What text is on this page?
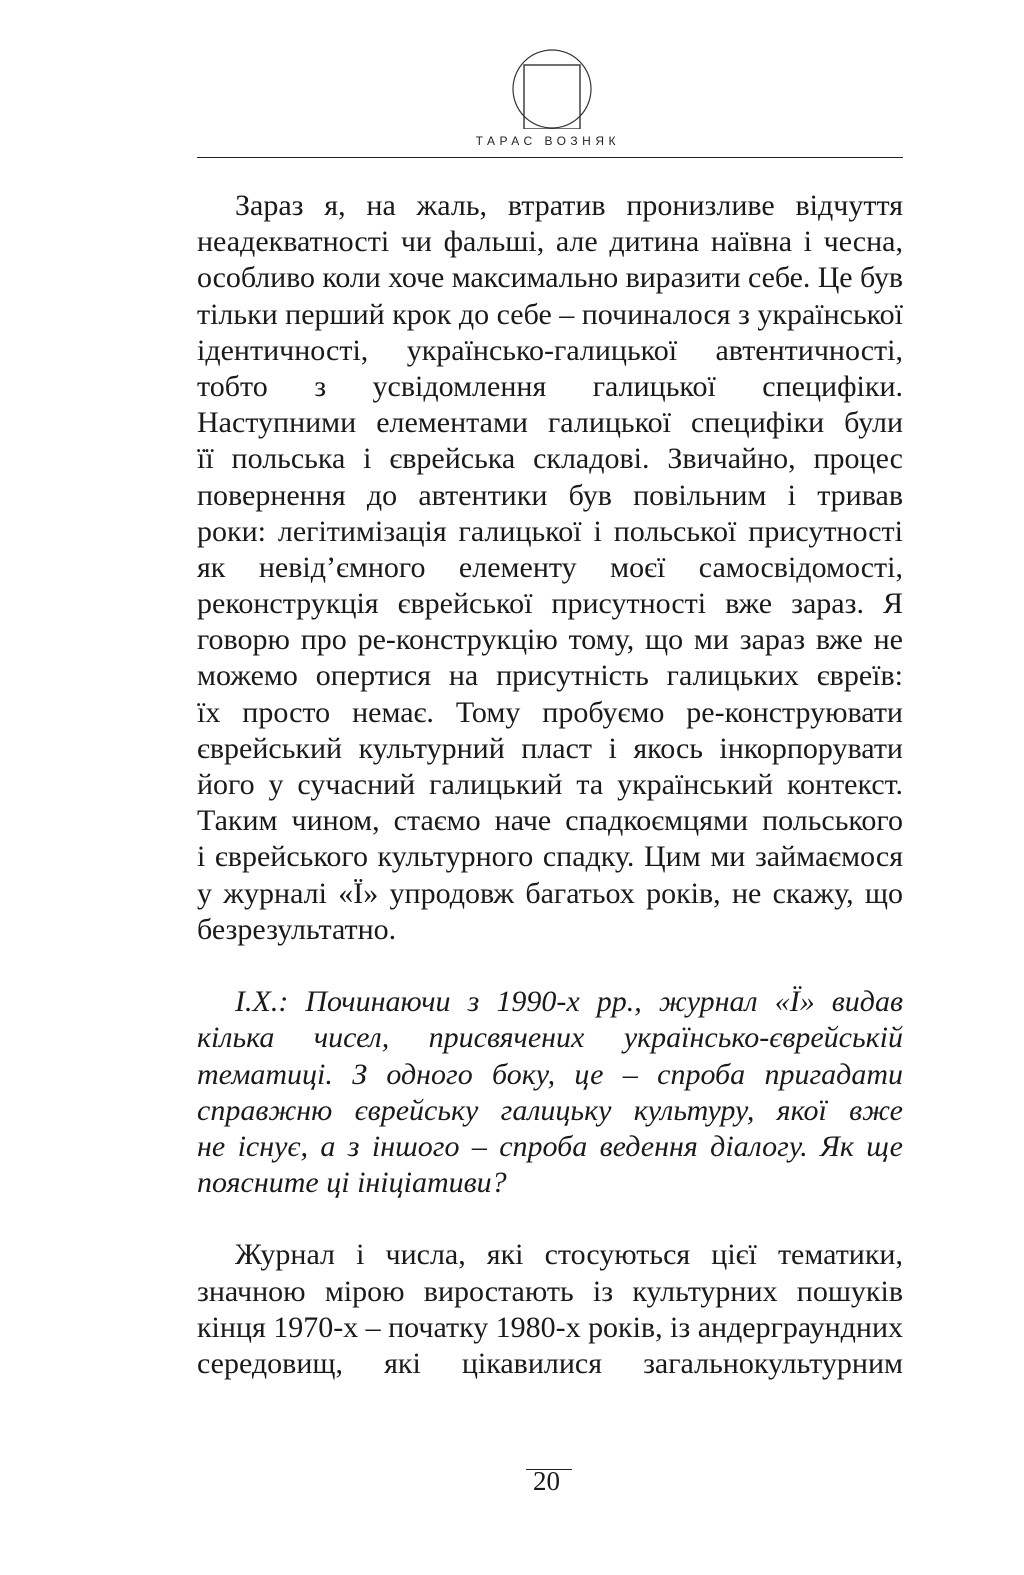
ТАРАС ВОЗНЯК
Зараз я, на жаль, втратив пронизливе відчуття
неадекватності чи фальші, але дитина наївна і чесна,
особливо коли хоче максимально виразити себе. Це був
тільки перший крок до себе – починалося з української
ідентичності, українсько-галицької автентичності,
тобто з усвідомлення галицької специфіки.
Наступними елементами галицької специфіки були
її польська і єврейська складові. Звичайно, процес
повернення до автентики був повільним і тривав
роки: легітимізація галицької і польської присутності
як невід’ємного елементу моєї самосвідомості,
реконструкція єврейської присутності вже зараз. Я
говорю про ре-конструкцію тому, що ми зараз вже не
можемо опертися на присутність галицьких євреїв:
їх просто немає. Тому пробуємо ре-конструювати
єврейський культурний пласт і якось інкорпорувати
його у сучасний галицький та український контекст.
Таким чином, стаємо наче спадкоємцями польського
і єврейського культурного спадку. Цим ми займаємося
у журналі «Ї» упродовж багатьох років, не скажу, що
безрезультатно.
І.Х.: Починаючи з 1990-х рр., журнал «Ї» видав
кілька чисел, присвячених українсько-єврейській
тематиці. З одного боку, це – спроба пригадати
справжню єврейську галицьку культуру, якої вже
не існує, а з іншого – спроба ведення діалогу. Як ще
поясните ці ініціативи?
Журнал і числа, які стосуються цієї тематики,
значною мірою виростають із культурних пошуків
кінця 1970-х – початку 1980-х років, із андерграундних
середовищ, які цікавилися загальнокультурним
20
